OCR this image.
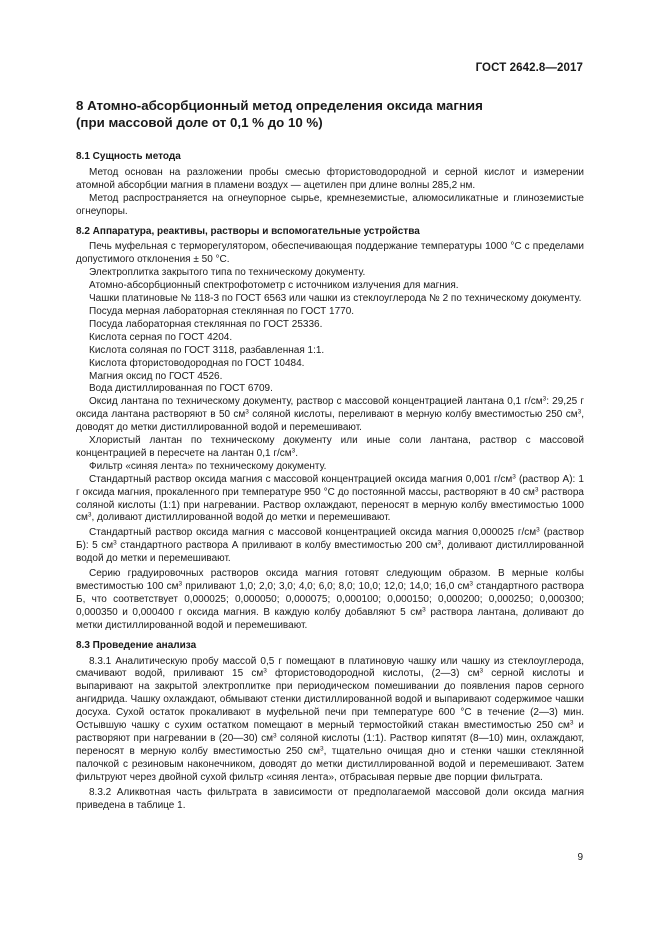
ГОСТ 2642.8—2017
8 Атомно-абсорбционный метод определения оксида магния
(при массовой доле от 0,1 % до 10 %)
8.1 Сущность метода

Метод основан на разложении пробы смесью фтористоводородной и серной кислот и измерении атомной абсорбции магния в пламени воздух — ацетилен при длине волны 285,2 нм.

Метод распространяется на огнеупорное сырье, кремнеземистые, алюмосиликатные и глиноземистые огнеупоры.

8.2 Аппаратура, реактивы, растворы и вспомогательные устройства

Печь муфельная с терморегулятором, обеспечивающая поддержание температуры 1000 °С с пределами допустимого отклонения ± 50 °С.

Электроплитка закрытого типа по техническому документу.

Атомно-абсорбционный спектрофотометр с источником излучения для магния.

Чашки платиновые № 118-3 по ГОСТ 6563 или чашки из стеклоуглерода № 2 по техническому документу.

Посуда мерная лабораторная стеклянная по ГОСТ 1770.

Посуда лабораторная стеклянная по ГОСТ 25336.

Кислота серная по ГОСТ 4204.

Кислота соляная по ГОСТ 3118, разбавленная 1:1.

Кислота фтористоводородная по ГОСТ 10484.

Магния оксид по ГОСТ 4526.

Вода дистиллированная по ГОСТ 6709.

Оксид лантана по техническому документу, раствор с массовой концентрацией лантана 0,1 $г/см^3$: 29,25 г оксида лантана растворяют в 50 $см^3$ соляной кислоты, переливают в мерную колбу вместимостью 250 $см^3$, доводят до метки дистиллированной водой и перемешивают.

Хлористый лантан по техническому документу или иные соли лантана, раствор с массовой концентрацией в пересчете на лантан 0,1 $г/см^3$.

Фильтр «синяя лента» по техническому документу.

Стандартный раствор оксида магния с массовой концентрацией оксида магния 0,001 $г/см^3$ (раствор А): 1 г оксида магния, прокаленного при температуре 950 °С до постоянной массы, растворяют в 40 $см^3$ раствора соляной кислоты (1:1) при нагревании. Раствор охлаждают, переносят в мерную колбу вместимостью 1000 $см^3$, доливают дистиллированной водой до метки и перемешивают.

Стандартный раствор оксида магния с массовой концентрацией оксида магния 0,000025 $г/см^3$ (раствор Б): 5 $см^3$ стандартного раствора А приливают в колбу вместимостью 200 $см^3$, доливают дистиллированной водой до метки и перемешивают.

Серию градуировочных растворов оксида магния готовят следующим образом. В мерные колбы вместимостью 100 $см^3$ приливают 1,0; 2,0; 3,0; 4,0; 6,0; 8,0; 10,0; 12,0; 14,0; 16,0 $см^3$ стандартного раствора Б, что соответствует 0,000025; 0,000050; 0,000075; 0,000100; 0,000150; 0,000200; 0,000250; 0,000300; 0,000350 и 0,000400 г оксида магния. В каждую колбу добавляют 5 $см^3$ раствора лантана, доливают до метки дистиллированной водой и перемешивают.

8.3 Проведение анализа

8.3.1 Аналитическую пробу массой 0,5 г помещают в платиновую чашку или чашку из стеклоуглерода, смачивают водой, приливают 15 $см^3$ фтористоводородной кислоты, (2—3) $см^3$ серной кислоты и выпаривают на закрытой электроплитке при периодическом помешивании до появления паров серного ангидрида. Чашку охлаждают, обмывают стенки дистиллированной водой и выпаривают содержимое чашки досуха. Сухой остаток прокаливают в муфельной печи при температуре 600 °С в течение (2—3) мин. Остывшую чашку с сухим остатком помещают в мерный термостойкий стакан вместимостью 250 $см^3$ и растворяют при нагревании в (20—30) $см^3$ соляной кислоты (1:1). Раствор кипятят (8—10) мин, охлаждают, переносят в мерную колбу вместимостью 250 $см^3$, тщательно очищая дно и стенки чашки стеклянной палочкой с резиновым наконечником, доводят до метки дистиллированной водой и перемешивают. Затем фильтруют через двойной сухой фильтр «синяя лента», отбрасывая первые две порции фильтрата.

8.3.2 Аликвотная часть фильтрата в зависимости от предполагаемой массовой доли оксида магния приведена в таблице 1.

9
